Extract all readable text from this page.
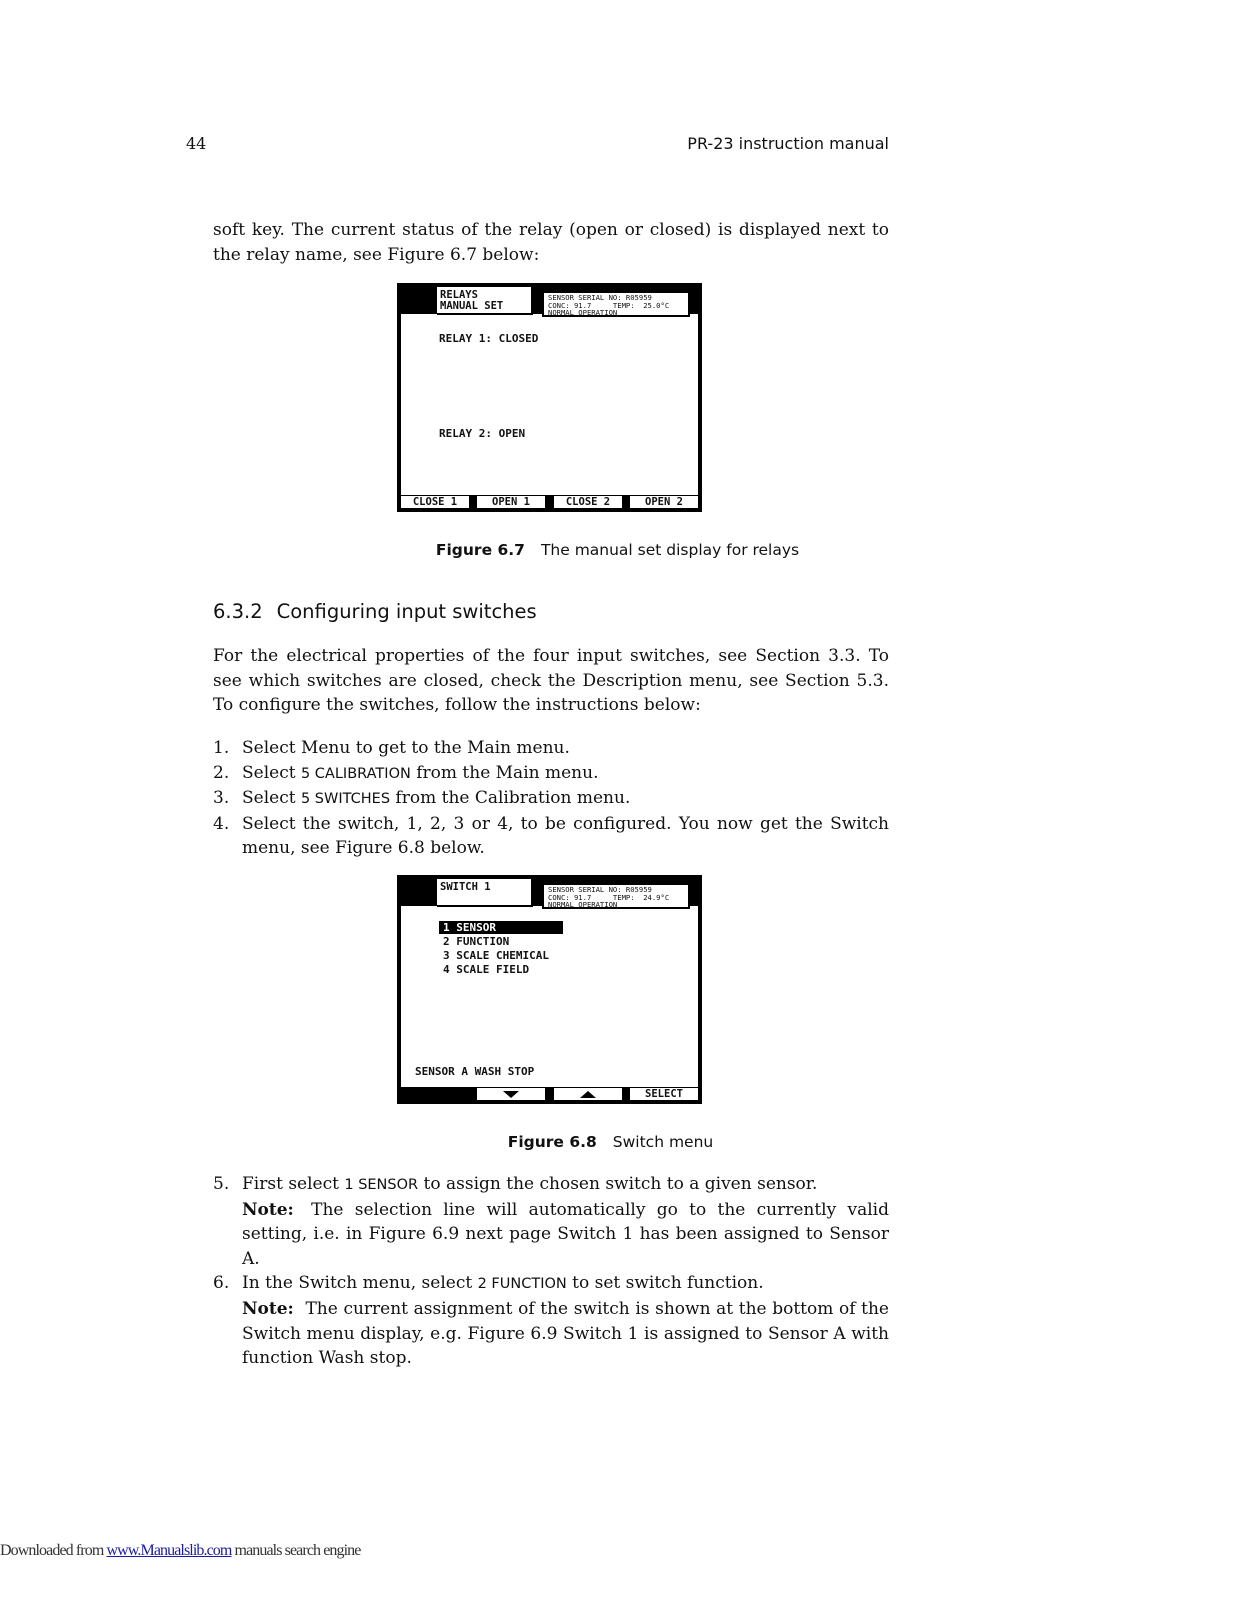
44	PR-23 instruction manual
soft key. The current status of the relay (open or closed) is displayed next to the relay name, see Figure 6.7 below:
RELAYS
MANUAL SET
SENSOR SERIAL NO: R05959
CONC: 91.7     TEMP:  25.0°C
NORMAL OPERATION
RELAY 1: CLOSED
RELAY 2: OPEN
CLOSE 1	OPEN 1	CLOSE 2	OPEN 2
Figure 6.7 The manual set display for relays
6.3.2 Configuring input switches
For the electrical properties of the four input switches, see Section 3.3. To see which switches are closed, check the Description menu, see Section 5.3. To configure the switches, follow the instructions below:
1. Select Menu to get to the Main menu.
2. Select 5 CALIBRATION from the Main menu.
3. Select 5 SWITCHES from the Calibration menu.
4. Select the switch, 1, 2, 3 or 4, to be configured. You now get the Switch menu, see Figure 6.8 below.
SWITCH 1	SENSOR SERIAL NO: R05959
CONC: 91.7     TEMP:  24.9°C
NORMAL OPERATION
1 SENSOR
2 FUNCTION
3 SCALE CHEMICAL
4 SCALE FIELD
SENSOR A WASH STOP
SELECT
Figure 6.8 Switch menu
5. First select 1 SENSOR to assign the chosen switch to a given sensor.
Note: The selection line will automatically go to the currently valid setting, i.e. in Figure 6.9 next page Switch 1 has been assigned to Sensor A.
6. In the Switch menu, select 2 FUNCTION to set switch function.
Note: The current assignment of the switch is shown at the bottom of the Switch menu display, e.g. Figure 6.9 Switch 1 is assigned to Sensor A with function Wash stop.
Downloaded from www.Manualslib.com manuals search engine
